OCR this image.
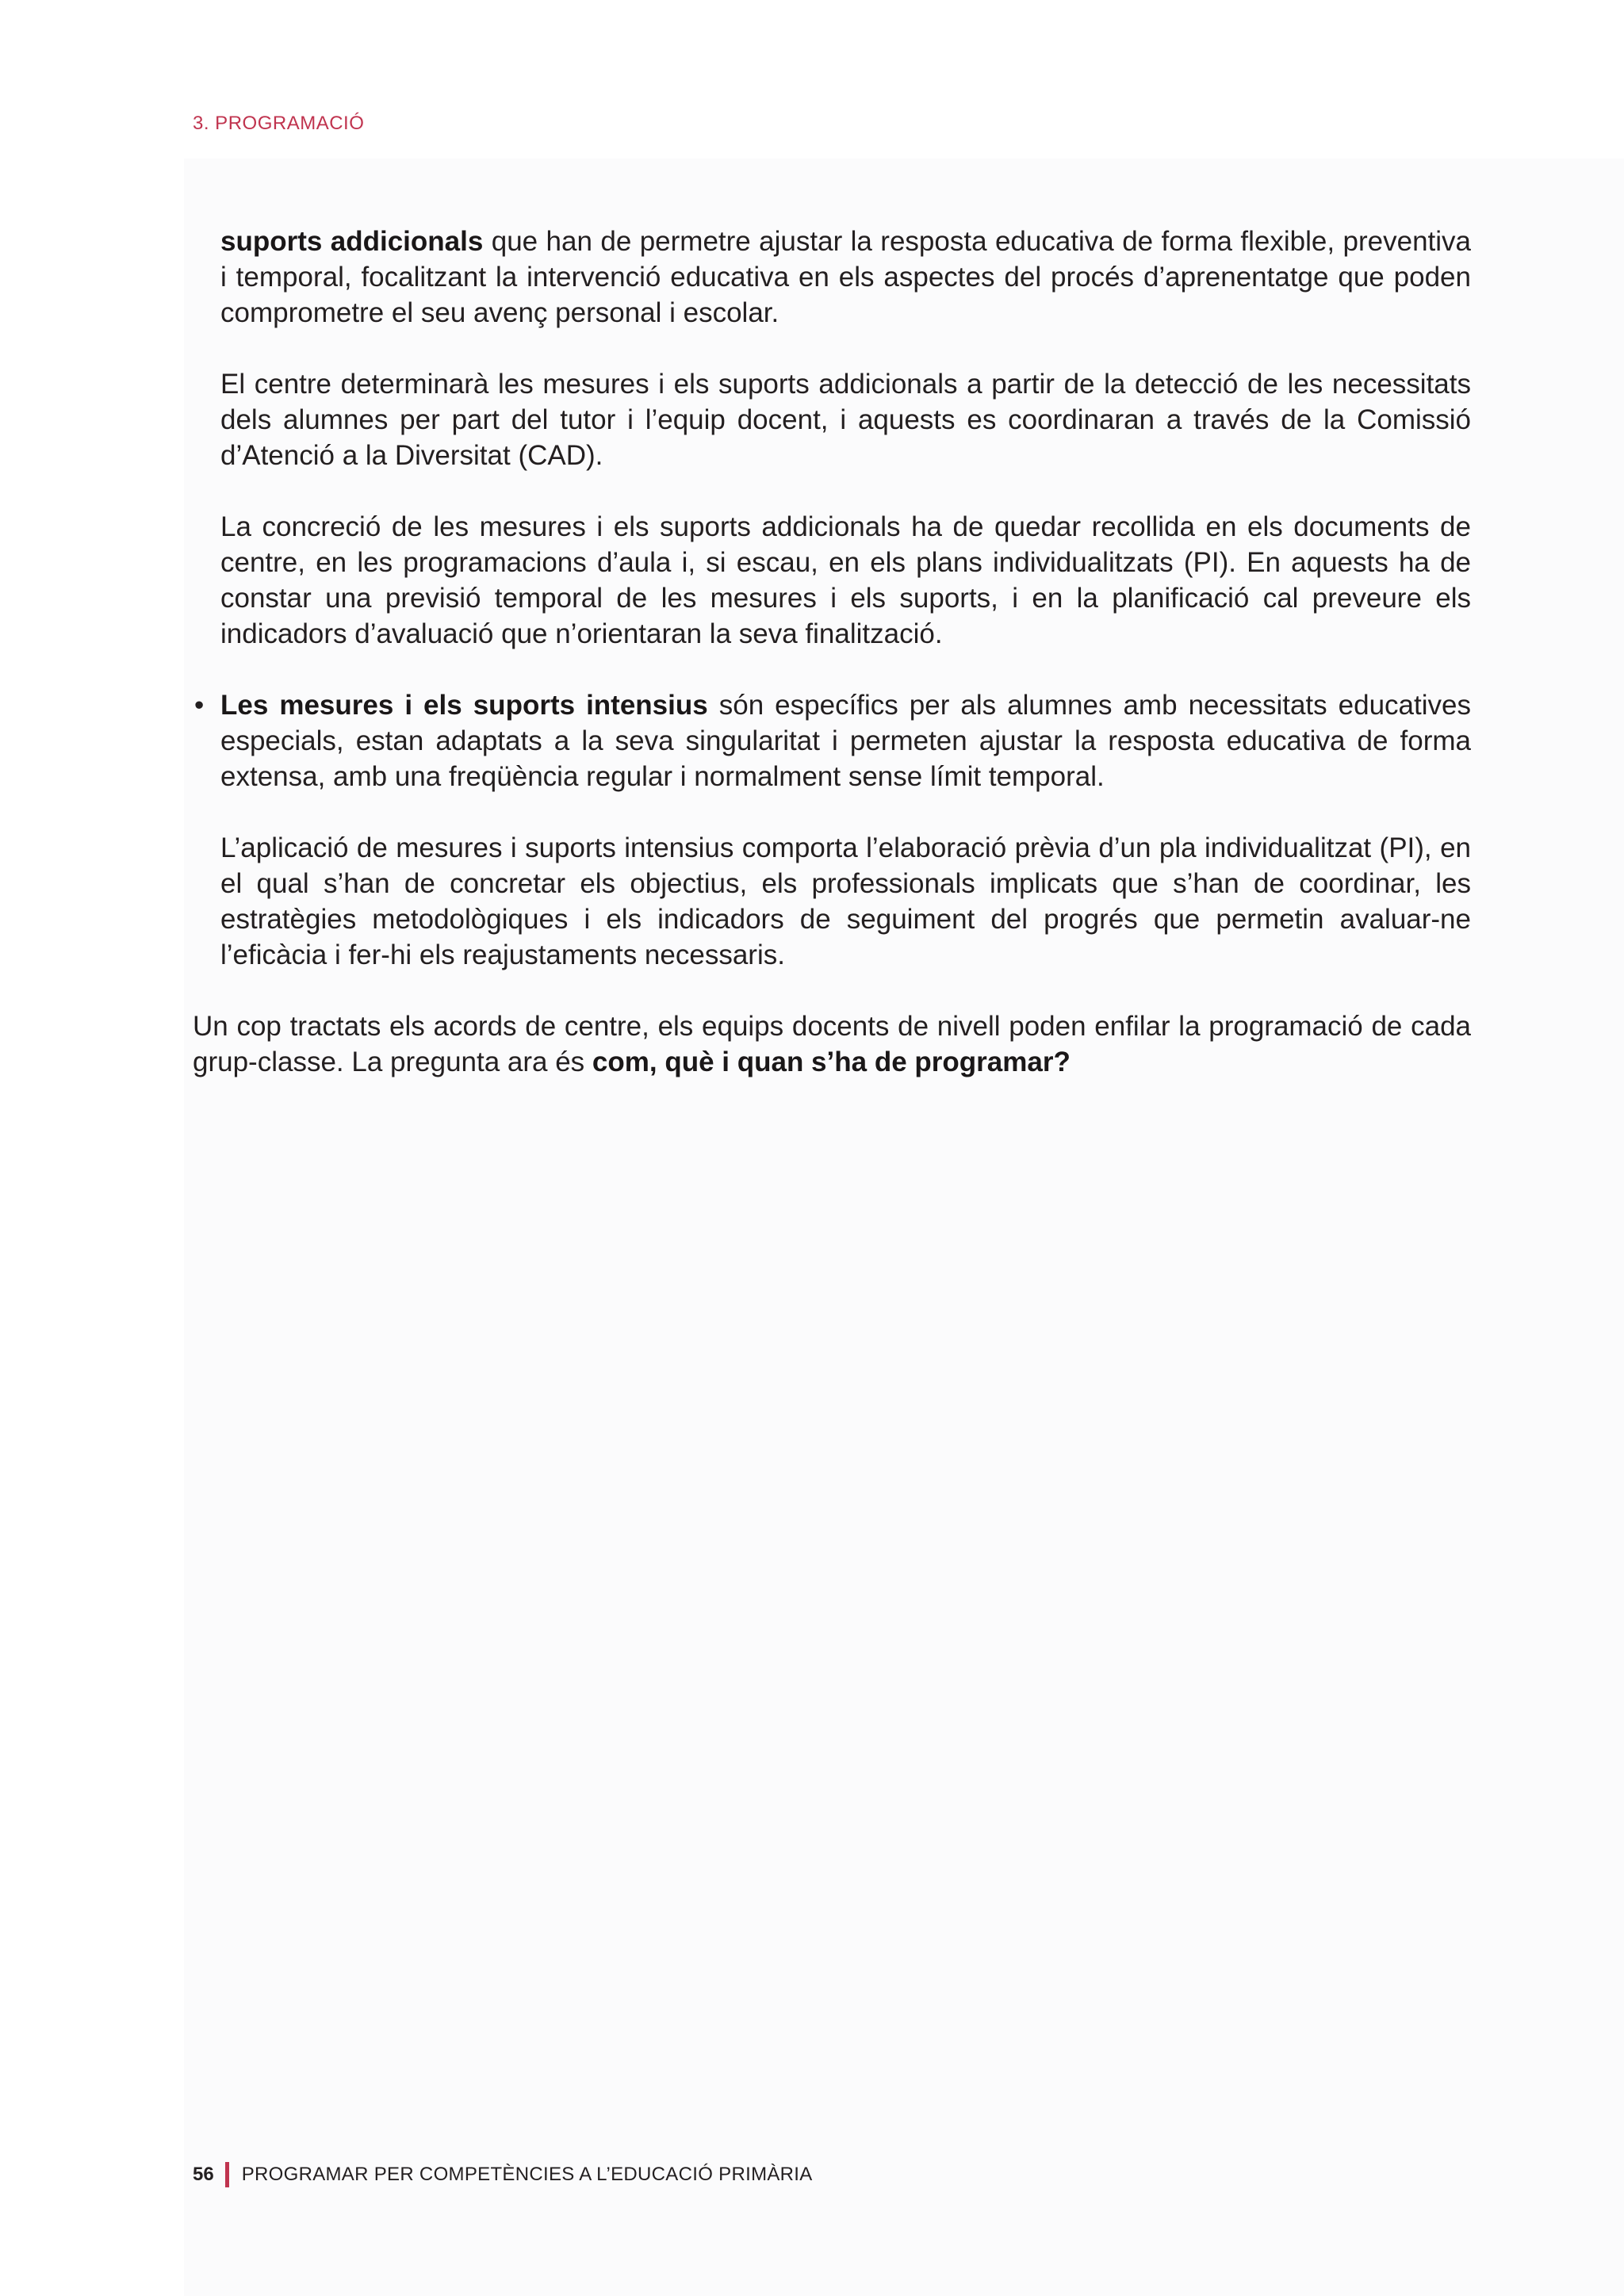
3. PROGRAMACIÓ

suports addicionals que han de permetre ajustar la resposta educativa de forma flexible, preventiva i temporal, focalitzant la intervenció educativa en els aspectes del procés d’aprenentatge que poden comprometre el seu avenç personal i escolar.

El centre determinarà les mesures i els suports addicionals a partir de la detecció de les necessitats dels alumnes per part del tutor i l’equip docent, i aquests es coordinaran a través de la Comissió d’Atenció a la Diversitat (CAD).

La concreció de les mesures i els suports addicionals ha de quedar recollida en els documents de centre, en les programacions d’aula i, si escau, en els plans individualitzats (PI). En aquests ha de constar una previsió temporal de les mesures i els suports, i en la planificació cal preveure els indicadors d’avaluació que n’orientaran la seva finalització.

• Les mesures i els suports intensius són específics per als alumnes amb necessitats educatives especials, estan adaptats a la seva singularitat i permeten ajustar la resposta educativa de forma extensa, amb una freqüència regular i normalment sense límit temporal.

L’aplicació de mesures i suports intensius comporta l’elaboració prèvia d’un pla individualitzat (PI), en el qual s’han de concretar els objectius, els professionals implicats que s’han de coordinar, les estratègies metodològiques i els indicadors de seguiment del progrés que permetin avaluar-ne l’eficàcia i fer-hi els reajustaments necessaris.

Un cop tractats els acords de centre, els equips docents de nivell poden enfilar la programació de cada grup-classe. La pregunta ara és com, què i quan s’ha de programar?

56 PROGRAMAR PER COMPETÈNCIES A L’EDUCACIÓ PRIMÀRIA
